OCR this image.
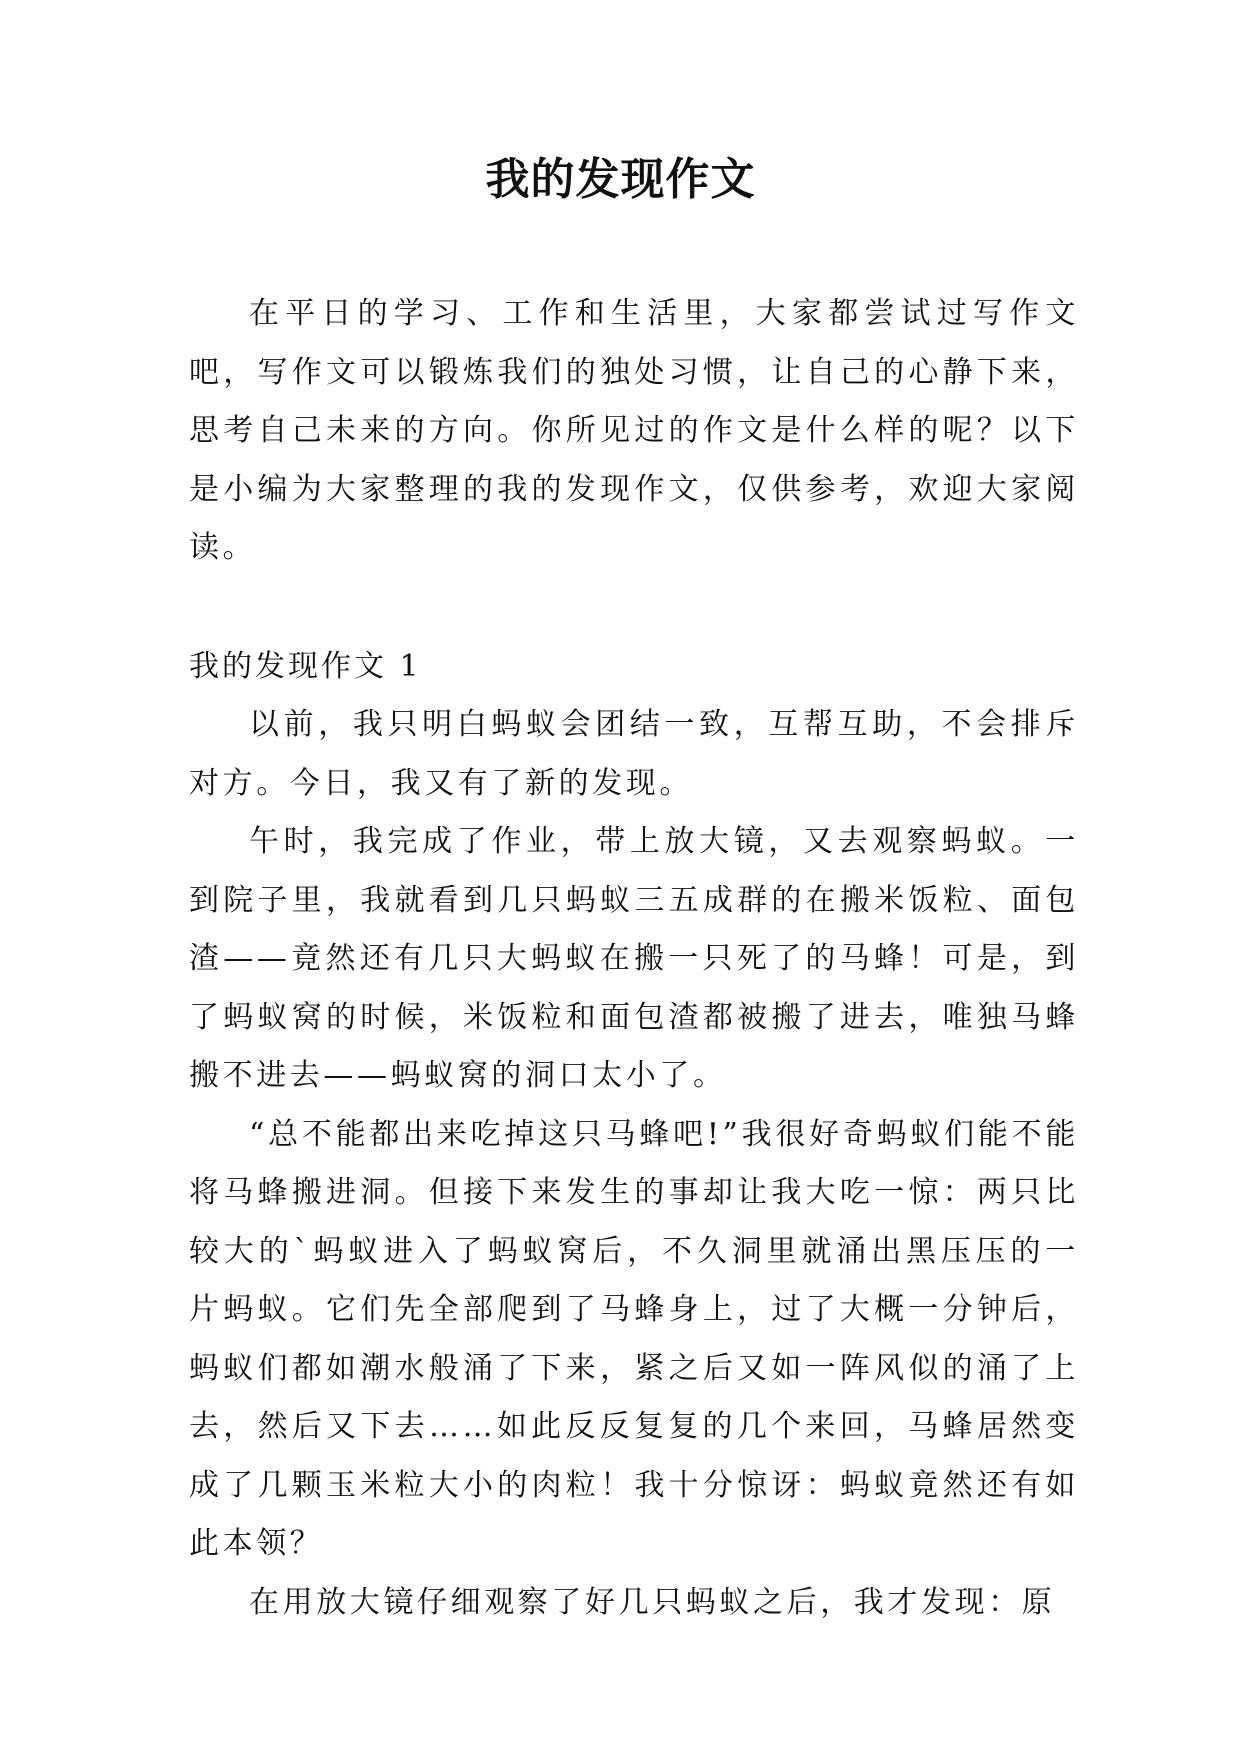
我的发现作文

在平日的学习、工作和生活里，大家都尝试过写作文吧，写作文可以锻炼我们的独处习惯，让自己的心静下来，思考自己未来的方向。你所见过的作文是什么样的呢？以下是小编为大家整理的我的发现作文，仅供参考，欢迎大家阅读。

我的发现作文 1

以前，我只明白蚂蚁会团结一致，互帮互助，不会排斥对方。今日，我又有了新的发现。

午时，我完成了作业，带上放大镜，又去观察蚂蚁。一到院子里，我就看到几只蚂蚁三五成群的在搬米饭粒、面包渣——竟然还有几只大蚂蚁在搬一只死了的马蜂！可是，到了蚂蚁窝的时候，米饭粒和面包渣都被搬了进去，唯独马蜂搬不进去——蚂蚁窝的洞口太小了。

“总不能都出来吃掉这只马蜂吧!”我很好奇蚂蚁们能不能将马蜂搬进洞。但接下来发生的事却让我大吃一惊：两只比较大的`蚂蚁进入了蚂蚁窝后，不久洞里就涌出黑压压的一片蚂蚁。它们先全部爬到了马蜂身上，过了大概一分钟后，蚂蚁们都如潮水般涌了下来，紧之后又如一阵风似的涌了上去，然后又下去……如此反反复复的几个来回，马蜂居然变成了几颗玉米粒大小的肉粒！我十分惊讶：蚂蚁竟然还有如此本领？

在用放大镜仔细观察了好几只蚂蚁之后，我才发现：原
